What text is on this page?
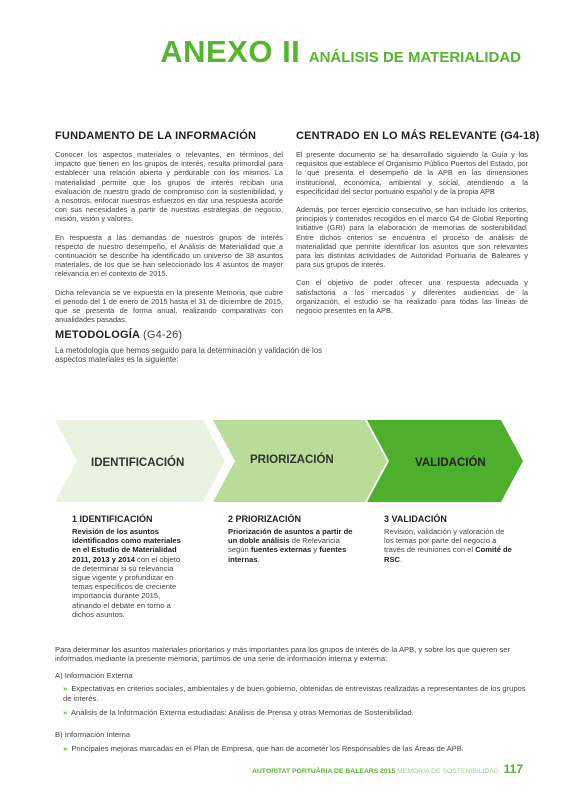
ANEXO II ANÁLISIS DE MATERIALIDAD
FUNDAMENTO DE LA INFORMACIÓN

Conocer los aspectos materiales o relevantes, en términos del impacto que tienen en los grupos de interés, resulta primordial para establecer una relación abierta y perdurable con los mismos. La materialidad permite que los grupos de interés reciban una evaluación de nuestro grado de compromiso con la sostenibilidad, y a nosotros, enfocar nuestros esfuerzos en dar una respuesta acorde con sus necesidades a partir de nuestras estrategias de negocio, misión, visión y valores.

En respuesta a las demandas de nuestros grupos de interés respecto de nuestro desempeño, el Análisis de Materialidad que a continuación se describe ha identificado un universo de 38 asuntos materiales, de los que se han seleccionado los 4 asuntos de mayor relevancia en el contexto de 2015.

Dicha relevancia se ve expuesta en la presente Memoria, que cubre el periodo del 1 de enero de 2015 hasta el 31 de diciembre de 2015, que se presenta de forma anual, realizando comparativas con anualidades pasadas.

CENTRADO EN LO MÁS RELEVANTE (G4-18)

El presente documento se ha desarrollado siguiendo la Guía y los requisitos que establece el Organismo Público Puertos del Estado, por lo que presenta el desempeño de la APB en las dimensiones institucional, económica, ambiental y social, atendiendo a la especificidad del sector portuario español y de la propia APB

Además, por tercer ejercicio consecutivo, se han incluido los criterios, principios y contenidos recogidos en el marco G4 de Global Reporting Initiative (GRI) para la elaboración de memorias de sostenibilidad. Entre dichos criterios se encuentra el proceso de análisis de materialidad que permite identificar los asuntos que son relevantes para las distintas actividades de Autoridad Portuaria de Baleares y para sus grupos de interés.

Con el objetivo de poder ofrecer una respuesta adecuada y satisfactoria a los mercados y diferentes audiencias de la organización, el estudio se ha realizado para todas las líneas de negocio presentes en la APB.

METODOLOGÍA (G4-26)

La metodología que hemos seguido para la determinación y validación de los aspectos materiales es la siguiente:

IDENTIFICACIÓN	PRIORIZACIÓN	VALIDACIÓN
1 IDENTIFICACIÓN

Revisión de los asuntos identificados como materiales en el Estudio de Materialidad 2011, 2013 y 2014 con el objeto de determinar si su relevancia sigue vigente y profundizar en temas específicos de creciente importancia durante 2015, afinando el debate en torno a dichos asuntos.

2 PRIORIZACIÓN

Priorización de asuntos a partir de un doble análisis de Relevancia según fuentes externas y fuentes internas.

3 VALIDACIÓN

Revisión, validación y valoración de los temas por parte del negocio a través de reuniones con el Comité de RSC.

Para determinar los asuntos materiales prioritarios y más importantes para los grupos de interés de la APB, y sobre los que quieren ser informados mediante la presente memoria, partimos de una serie de información interna y externa:

A) Información Externa
» Expectativas en criterios sociales, ambientales y de buen gobierno, obtenidas de entrevistas realizadas a representantes de los grupos de interés.
» Análisis de la Información Externa estudiadas: Análisis de Prensa y otras Memorias de Sostenibilidad.
B) Información Interna
» Principales mejoras marcadas en el Plan de Empresa, que han de acometer los Responsables de las Áreas de APB.
AUTORITAT PORTUÀRIA DE BALEARS 2015 MEMORIA DE SOSTENIBILIDAD 117
